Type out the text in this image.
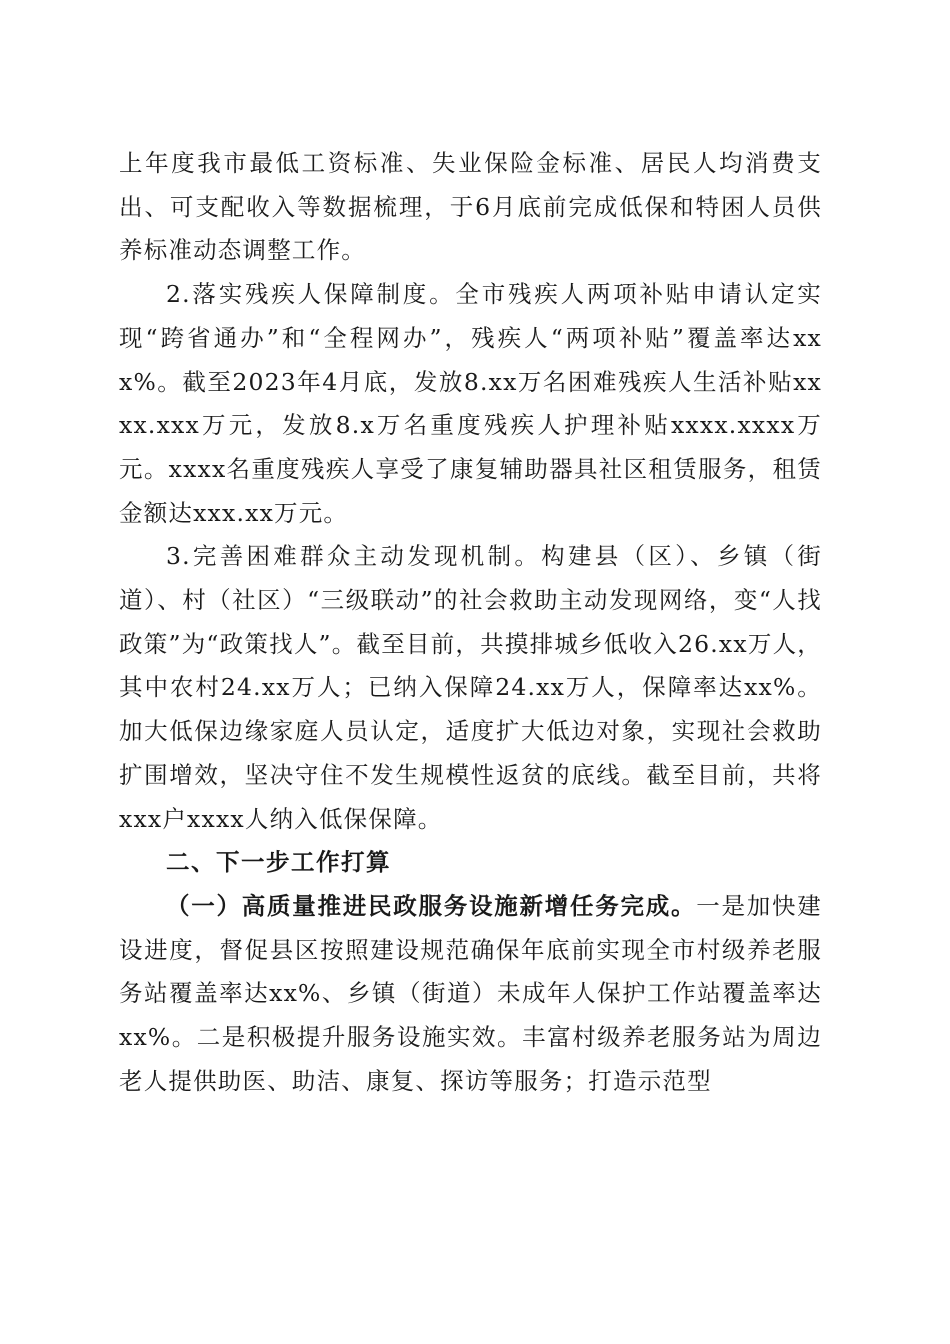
上年度我市最低工资标准、失业保险金标准、居民人均消费支出、可支配收入等数据梳理，于6月底前完成低保和特困人员供养标准动态调整工作。

2.落实残疾人保障制度。全市残疾人两项补贴申请认定实现“跨省通办”和“全程网办”，残疾人“两项补贴”覆盖率达xxx%。截至2023年4月底，发放8.xx万名困难残疾人生活补贴xxxx.xxx万元，发放8.x万名重度残疾人护理补贴xxxx.xxxx万元。xxxx名重度残疾人享受了康复辅助器具社区租赁服务，租赁金额达xxx.xx万元。

3.完善困难群众主动发现机制。构建县（区）、乡镇（街道）、村（社区）“三级联动”的社会救助主动发现网络，变“人找政策”为“政策找人”。截至目前，共摸排城乡低收入26.xx万人，其中农村24.xx万人；已纳入保障24.xx万人，保障率达xx%。加大低保边缘家庭人员认定，适度扩大低边对象，实现社会救助扩围增效，坚决守住不发生规模性返贫的底线。截至目前，共将xxx户xxxx人纳入低保保障。

二、下一步工作打算

（一）高质量推进民政服务设施新增任务完成。一是加快建设进度，督促县区按照建设规范确保年底前实现全市村级养老服务站覆盖率达xx%、乡镇（街道）未成年人保护工作站覆盖率达xx%。二是积极提升服务设施实效。丰富村级养老服务站为周边老人提供助医、助洁、康复、探访等服务；打造示范型
